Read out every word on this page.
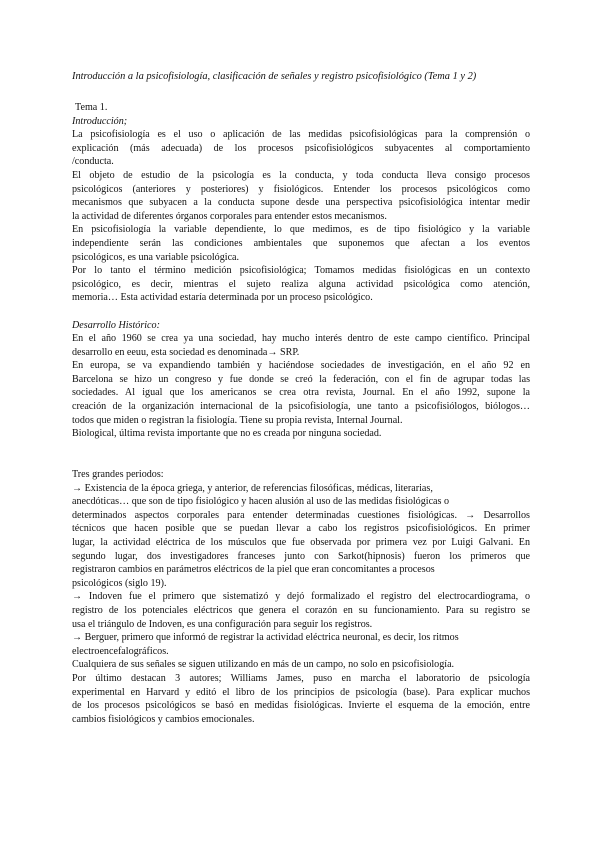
Introducción a la psicofisiología, clasificación de señales y registro psicofisiológico (Tema 1 y 2)
Tema 1.
Introducción;
La psicofisiología es el uso o aplicación de las medidas psicofisiológicas para la comprensión o
explicación (más adecuada) de los procesos psicofisiológicos subyacentes al comportamiento
/conducta.
El objeto de estudio de la psicología es la conducta, y toda conducta lleva consigo procesos
psicológicos (anteriores y posteriores) y fisiológicos. Entender los procesos psicológicos como
mecanismos que subyacen a la conducta supone desde una perspectiva psicofisiológica intentar medir
la actividad de diferentes órganos corporales para entender estos mecanismos.
En psicofisiología la variable dependiente, lo que medimos, es de tipo fisiológico y la variable
independiente serán las condiciones ambientales que suponemos que afectan a los eventos
psicológicos, es una variable psicológica.
Por lo tanto el término medición psicofisiológica; Tomamos medidas fisiológicas en un contexto
psicológico, es decir, mientras el sujeto realiza alguna actividad psicológica como atención,
memoria… Esta actividad estaría determinada por un proceso psicológico.
Desarrollo Histórico:
En el año 1960 se crea ya una sociedad, hay mucho interés dentro de este campo científico. Principal
desarrollo en eeuu, esta sociedad es denominada→ SRP.
En europa, se va expandiendo también y haciéndose sociedades de investigación, en el año 92 en
Barcelona se hizo un congreso y fue donde se creó la federación, con el fin de agrupar todas las
sociedades. Al igual que los americanos se crea otra revista, Journal. En el año 1992, supone la
creación de la organización internacional de la psicofisiología, une tanto a psicofisiólogos, biólogos…
todos que miden o registran la fisiología. Tiene su propia revista, Internal Journal.
Biological, última revista importante que no es creada por ninguna sociedad.
Tres grandes periodos:
→ Existencia de la época griega, y anterior, de referencias filosóficas, médicas, literarias,
anecdóticas… que son de tipo fisiológico y hacen alusión al uso de las medidas fisiológicas o
determinados aspectos corporales para entender determinadas cuestiones fisiológicas. → Desarrollos
técnicos que hacen posible que se puedan llevar a cabo los registros psicofisiológicos. En primer
lugar, la actividad eléctrica de los músculos que fue observada por primera vez por Luigi Galvani. En
segundo lugar, dos investigadores franceses junto con Sarkot(hipnosis) fueron los primeros que
registraron cambios en parámetros eléctricos de la piel que eran concomitantes a procesos
psicológicos (siglo 19).
→ Indoven fue el primero que sistematizó y dejó formalizado el registro del electrocardiograma, o
registro de los potenciales eléctricos que genera el corazón en su funcionamiento. Para su registro se
usa el triángulo de Indoven, es una configuración para seguir los registros.
→ Berguer, primero que informó de registrar la actividad eléctrica neuronal, es decir, los ritmos
electroencefalográficos.
Cualquiera de sus señales se siguen utilizando en más de un campo, no solo en psicofisiología.
Por último destacan 3 autores; Williams James, puso en marcha el laboratorio de psicología
experimental en Harvard y editó el libro de los principios de psicología (base). Para explicar muchos
de los procesos psicológicos se basó en medidas fisiológicas. Invierte el esquema de la emoción, entre
cambios fisiológicos y cambios emocionales.
